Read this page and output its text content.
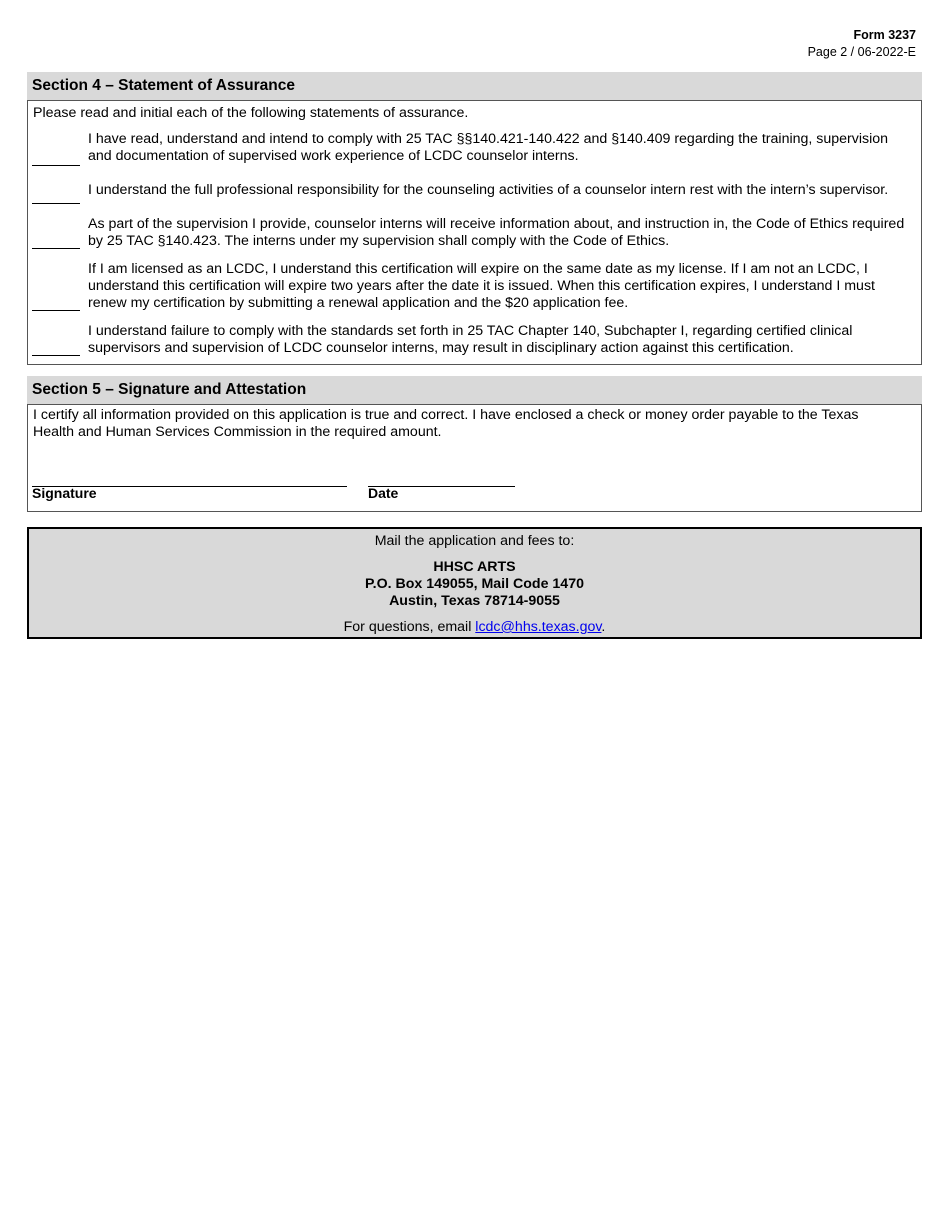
Form 3237
Page 2 / 06-2022-E
Section 4 – Statement of Assurance
Please read and initial each of the following statements of assurance.
I have read, understand and intend to comply with 25 TAC §§140.421-140.422 and §140.409 regarding the training, supervision and documentation of supervised work experience of LCDC counselor interns.
I understand the full professional responsibility for the counseling activities of a counselor intern rest with the intern’s supervisor.
As part of the supervision I provide, counselor interns will receive information about, and instruction in, the Code of Ethics required by 25 TAC §140.423. The interns under my supervision shall comply with the Code of Ethics.
If I am licensed as an LCDC, I understand this certification will expire on the same date as my license. If I am not an LCDC, I understand this certification will expire two years after the date it is issued. When this certification expires, I understand I must renew my certification by submitting a renewal application and the $20 application fee.
I understand failure to comply with the standards set forth in 25 TAC Chapter 140, Subchapter I, regarding certified clinical supervisors and supervision of LCDC counselor interns, may result in disciplinary action against this certification.
Section 5 – Signature and Attestation
I certify all information provided on this application is true and correct. I have enclosed a check or money order payable to the Texas Health and Human Services Commission in the required amount.
Signature	Date
Mail the application and fees to:
HHSC ARTS
P.O. Box 149055, Mail Code 1470
Austin, Texas 78714-9055
For questions, email lcdc@hhs.texas.gov.
